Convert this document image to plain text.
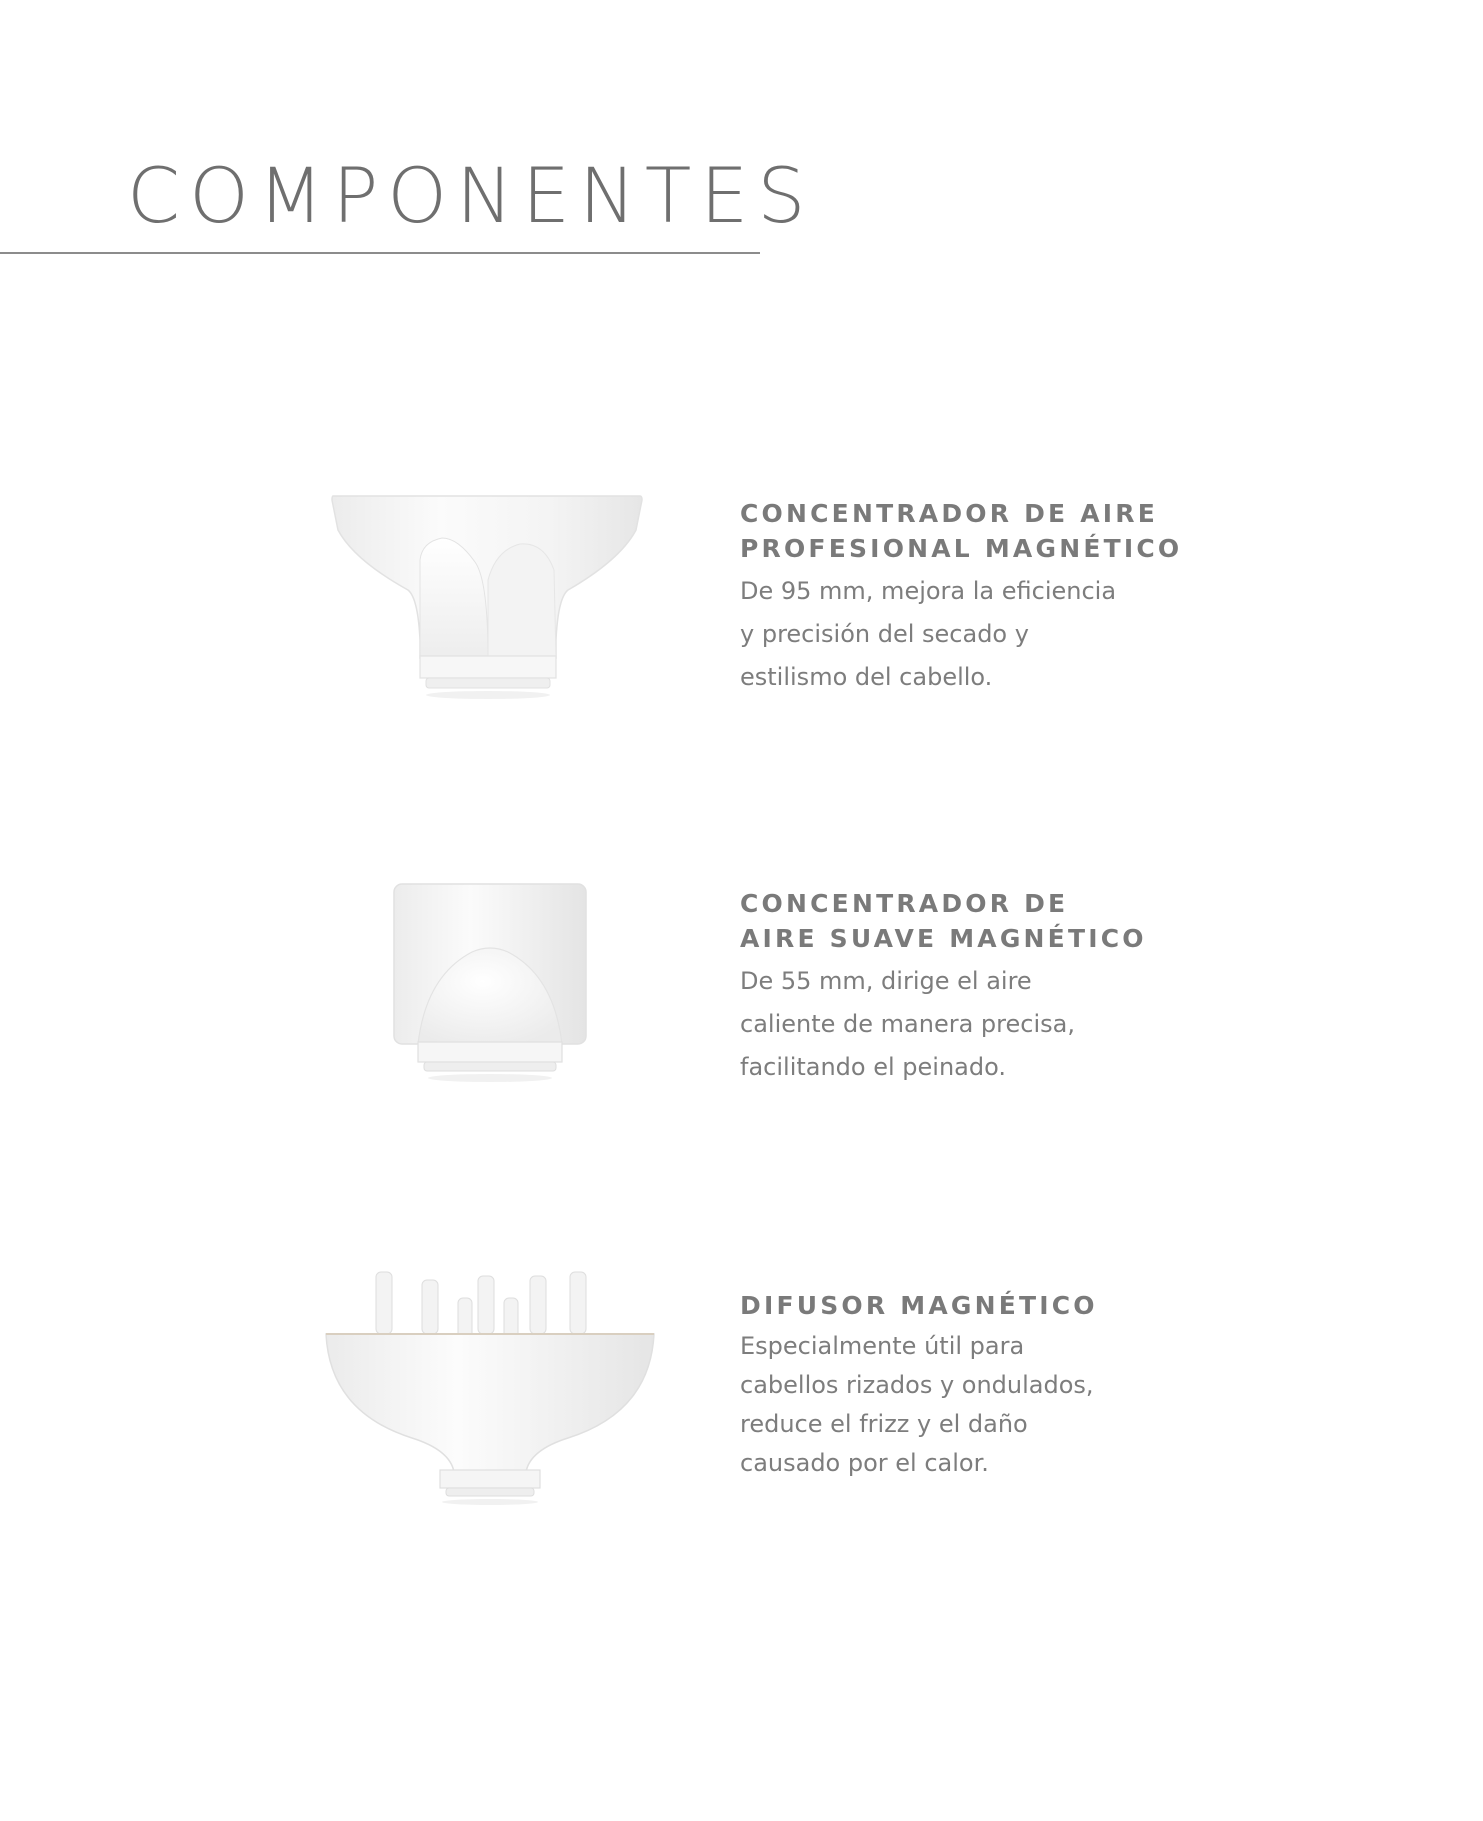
COMPONENTES

CONCENTRADOR DE AIRE
PROFESIONAL MAGNÉTICO

De 95 mm, mejora la eficiencia
y precisión del secado y
estilismo del cabello.

CONCENTRADOR DE
AIRE SUAVE MAGNÉTICO

De 55 mm, dirige el aire
caliente de manera precisa,
facilitando el peinado.

DIFUSOR MAGNÉTICO

Especialmente útil para
cabellos rizados y ondulados,
reduce el frizz y el daño
causado por el calor.
